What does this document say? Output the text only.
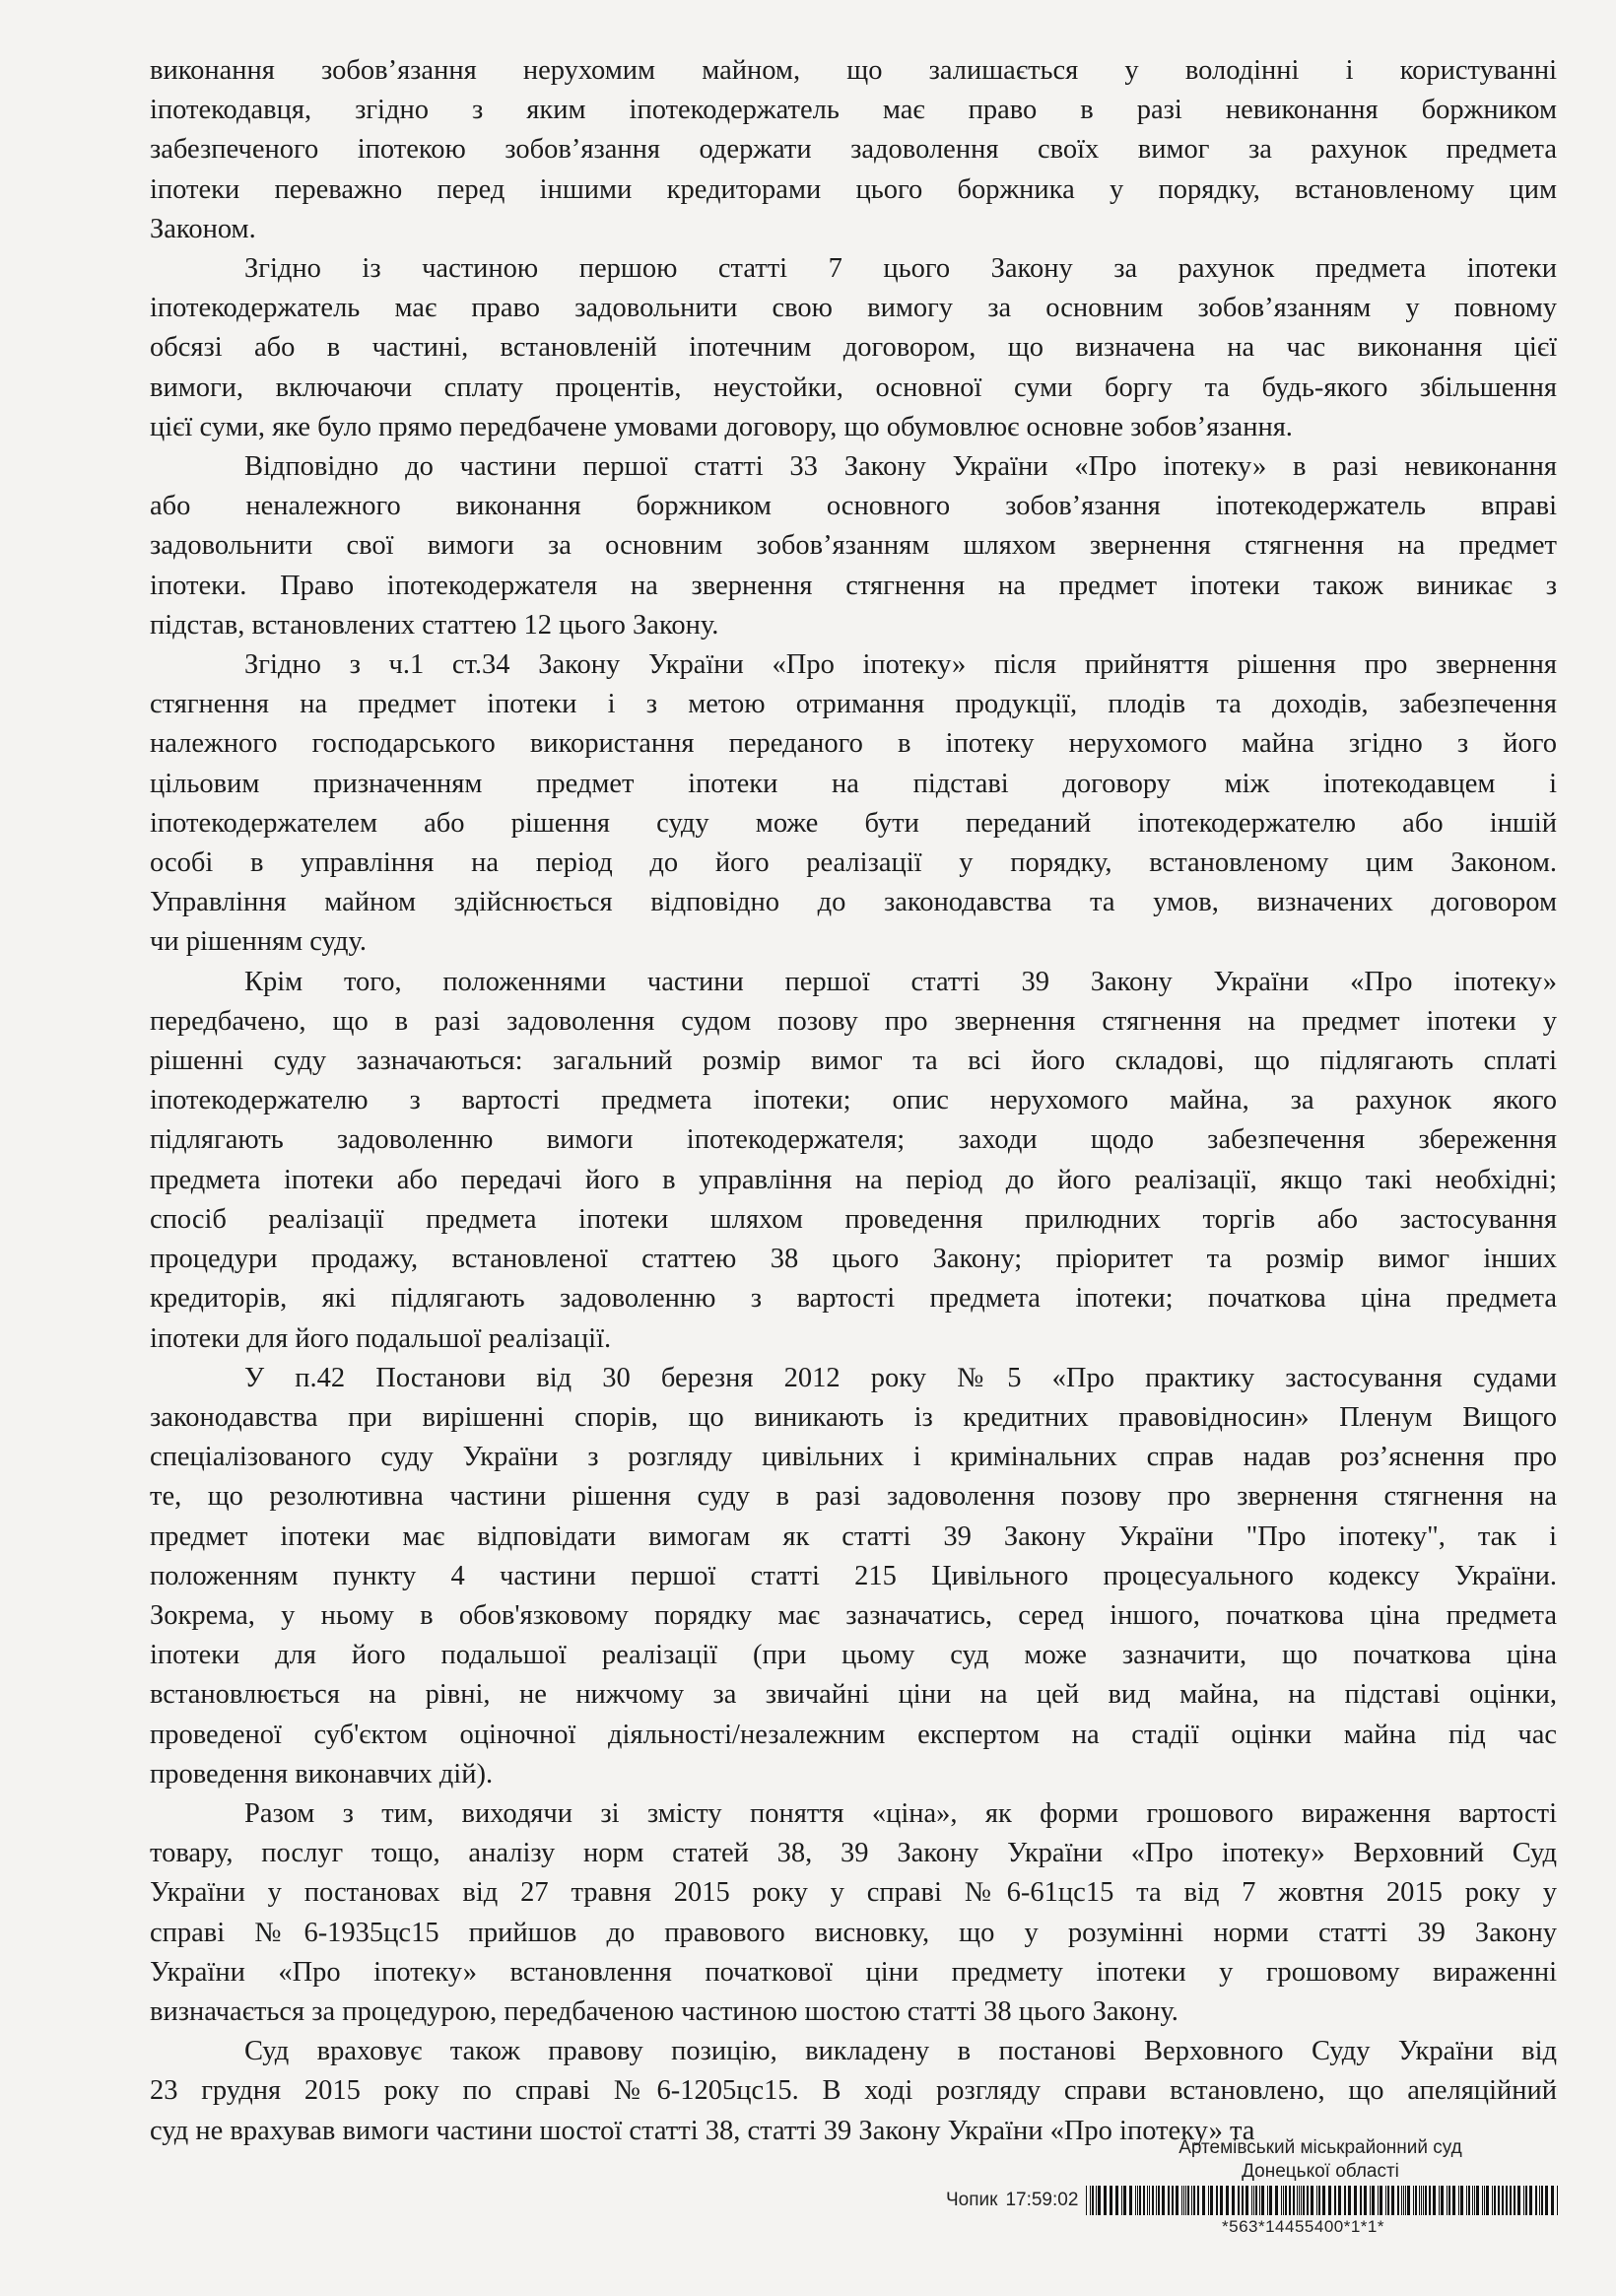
виконання зобов’язання нерухомим майном, що залишається у володінні і користуванні
іпотекодавця, згідно з яким іпотекодержатель має право в разі невиконання боржником
забезпеченого іпотекою зобов’язання одержати задоволення своїх вимог за рахунок предмета
іпотеки переважно перед іншими кредиторами цього боржника у порядку, встановленому цим
Законом.
Згідно із частиною першою статті 7 цього Закону за рахунок предмета іпотеки
іпотекодержатель має право задовольнити свою вимогу за основним зобов’язанням у повному
обсязі або в частині, встановленій іпотечним договором, що визначена на час виконання цієї
вимоги, включаючи сплату процентів, неустойки, основної суми боргу та будь-якого збільшення
цієї суми, яке було прямо передбачене умовами договору, що обумовлює основне зобов’язання.
Відповідно до частини першої статті 33 Закону України «Про іпотеку» в разі невиконання
або неналежного виконання боржником основного зобов’язання іпотекодержатель вправі
задовольнити свої вимоги за основним зобов’язанням шляхом звернення стягнення на предмет
іпотеки. Право іпотекодержателя на звернення стягнення на предмет іпотеки також виникає з
підстав, встановлених статтею 12 цього Закону.
Згідно з ч.1 ст.34 Закону України «Про іпотеку» після прийняття рішення про звернення
стягнення на предмет іпотеки і з метою отримання продукції, плодів та доходів, забезпечення
належного господарського використання переданого в іпотеку нерухомого майна згідно з його
цільовим призначенням предмет іпотеки на підставі договору між іпотекодавцем і
іпотекодержателем або рішення суду може бути переданий іпотекодержателю або іншій
особі в управління на період до його реалізації у порядку, встановленому цим Законом.
Управління майном здійснюється відповідно до законодавства та умов, визначених договором
чи рішенням суду.
Крім того, положеннями частини першої статті 39 Закону України «Про іпотеку»
передбачено, що в разі задоволення судом позову про звернення стягнення на предмет іпотеки у
рішенні суду зазначаються: загальний розмір вимог та всі його складові, що підлягають сплаті
іпотекодержателю з вартості предмета іпотеки; опис нерухомого майна, за рахунок якого
підлягають задоволенню вимоги іпотекодержателя; заходи щодо забезпечення збереження
предмета іпотеки або передачі його в управління на період до його реалізації, якщо такі необхідні;
спосіб реалізації предмета іпотеки шляхом проведення прилюдних торгів або застосування
процедури продажу, встановленої статтею 38 цього Закону; пріоритет та розмір вимог інших
кредиторів, які підлягають задоволенню з вартості предмета іпотеки; початкова ціна предмета
іпотеки для його подальшої реалізації.
У п.42 Постанови від 30 березня 2012 року №5 «Про практику застосування судами
законодавства при вирішенні спорів, що виникають із кредитних правовідносин» Пленум Вищого
спеціалізованого суду України з розгляду цивільних і кримінальних справ надав роз’яснення про
те, що резолютивна частини рішення суду в разі задоволення позову про звернення стягнення на
предмет іпотеки має відповідати вимогам як статті 39 Закону України "Про іпотеку", так і
положенням пункту 4 частини першої статті 215 Цивільного процесуального кодексу України.
Зокрема, у ньому в обов'язковому порядку має зазначатись, серед іншого, початкова ціна предмета
іпотеки для його подальшої реалізації (при цьому суд може зазначити, що початкова ціна
встановлюється на рівні, не нижчому за звичайні ціни на цей вид майна, на підставі оцінки,
проведеної суб'єктом оціночної діяльності/незалежним експертом на стадії оцінки майна під час
проведення виконавчих дій).
Разом з тим, виходячи зі змісту поняття «ціна», як форми грошового вираження вартості
товару, послуг тощо, аналізу норм статей 38, 39 Закону України «Про іпотеку» Верховний Суд
України у постановах від 27 травня 2015 року у справі №6-61цс15 та від 7 жовтня 2015 року у
справі №6-1935цс15 прийшов до правового висновку, що у розумінні норми статті 39 Закону
України «Про іпотеку» встановлення початкової ціни предмету іпотеки у грошовому вираженні
визначається за процедурою, передбаченою частиною шостою статті 38 цього Закону.
Суд враховує також правову позицію, викладену в постанові Верховного Суду України від
23 грудня 2015 року по справі №6-1205цс15. В ході розгляду справи встановлено, що апеляційний
суд не врахував вимоги частини шостої статті 38, статті 39 Закону України «Про іпотеку» та
Артемівський міськрайонний суд
Донецької області
Чопик 17:59:02
*563*14455400*1*1*
